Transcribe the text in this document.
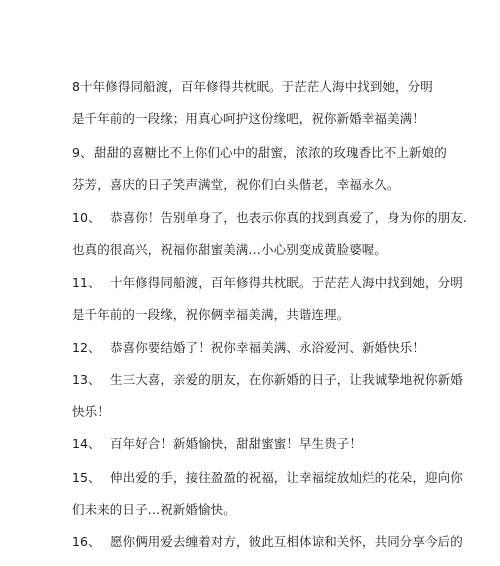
8十年修得同船渡，百年修得共枕眠。于茫茫人海中找到她，分明
是千年前的一段缘；用真心呵护这份缘吧，祝你新婚幸福美满！
9、甜甜的喜糖比不上你们心中的甜蜜，浓浓的玫瑰香比不上新娘的
芬芳，喜庆的日子笑声满堂，祝你们白头偕老，幸福永久。
10、 恭喜你！告别单身了，也表示你真的找到真爱了，身为你的朋友.
也真的很高兴，祝福你甜蜜美满…小心别变成黄脸婆喔。
11、 十年修得同船渡，百年修得共枕眠。于茫茫人海中找到她，分明
是千年前的一段缘，祝你俩幸福美满，共谐连理。
12、 恭喜你要结婚了！祝你幸福美满、永浴爱河、新婚快乐！
13、 生三大喜，亲爱的朋友，在你新婚的日子，让我诚挚地祝你新婚
快乐！
14、 百年好合！新婚愉快，甜甜蜜蜜！早生贵子！
15、 伸出爱的手，接往盈盈的祝福，让幸福绽放灿烂的花朵，迎向你
们未来的日子…祝新婚愉快。
16、 愿你俩用爱去缠着对方，彼此互相体谅和关怀，共同分享今后的
